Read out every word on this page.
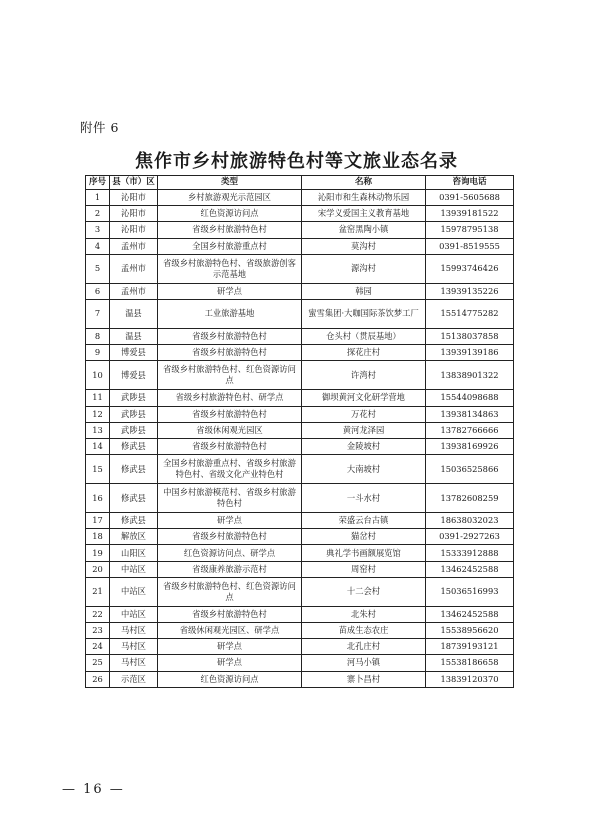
附件 6
焦作市乡村旅游特色村等文旅业态名录
序号	县（市）区	类型	名称	咨询电话
1	沁阳市	乡村旅游观光示范园区	沁阳市和生森林动物乐园	0391-5605688
2	沁阳市	红色资源访问点	宋学义爱国主义教育基地	13939181522
3	沁阳市	省级乡村旅游特色村	盆窑黑陶小镇	15978795138
4	孟州市	全国乡村旅游重点村	莫沟村	0391-8519555
5	孟州市	省级乡村旅游特色村、省级旅游创客示范基地	源沟村	15993746426
6	孟州市	研学点	韩园	13939135226
7	温县	工业旅游基地	蜜雪集团·大咖国际茶饮梦工厂	15514775282
8	温县	省级乡村旅游特色村	仓头村（贯辰基地）	15138037858
9	博爱县	省级乡村旅游特色村	探花庄村	13939139186
10	博爱县	省级乡村旅游特色村、红色资源访问点	许湾村	13838901322
11	武陟县	省级乡村旅游特色村、研学点	御坝黄河文化研学营地	15544098688
12	武陟县	省级乡村旅游特色村	万花村	13938134863
13	武陟县	省级休闲观光园区	黄河龙泽园	13782766666
14	修武县	省级乡村旅游特色村	金陵坡村	13938169926
15	修武县	全国乡村旅游重点村、省级乡村旅游特色村、省级文化产业特色村	大南坡村	15036525866
16	修武县	中国乡村旅游模范村、省级乡村旅游特色村	一斗水村	13782608259
17	修武县	研学点	荣盛云台古镇	18638032023
18	解放区	省级乡村旅游特色村	猫岔村	0391-2927263
19	山阳区	红色资源访问点、研学点	典礼学书画额展览馆	15333912888
20	中站区	省级康养旅游示范村	周窑村	13462452588
21	中站区	省级乡村旅游特色村、红色资源访问点	十二会村	15036516993
22	中站区	省级乡村旅游特色村	北朱村	13462452588
23	马村区	省级休闲观光园区、研学点	苗成生态农庄	15538956620
24	马村区	研学点	北孔庄村	18739193121
25	马村区	研学点	河马小镇	15538186658
26	示范区	红色资源访问点	寨卜昌村	13839120370
— 16 —
